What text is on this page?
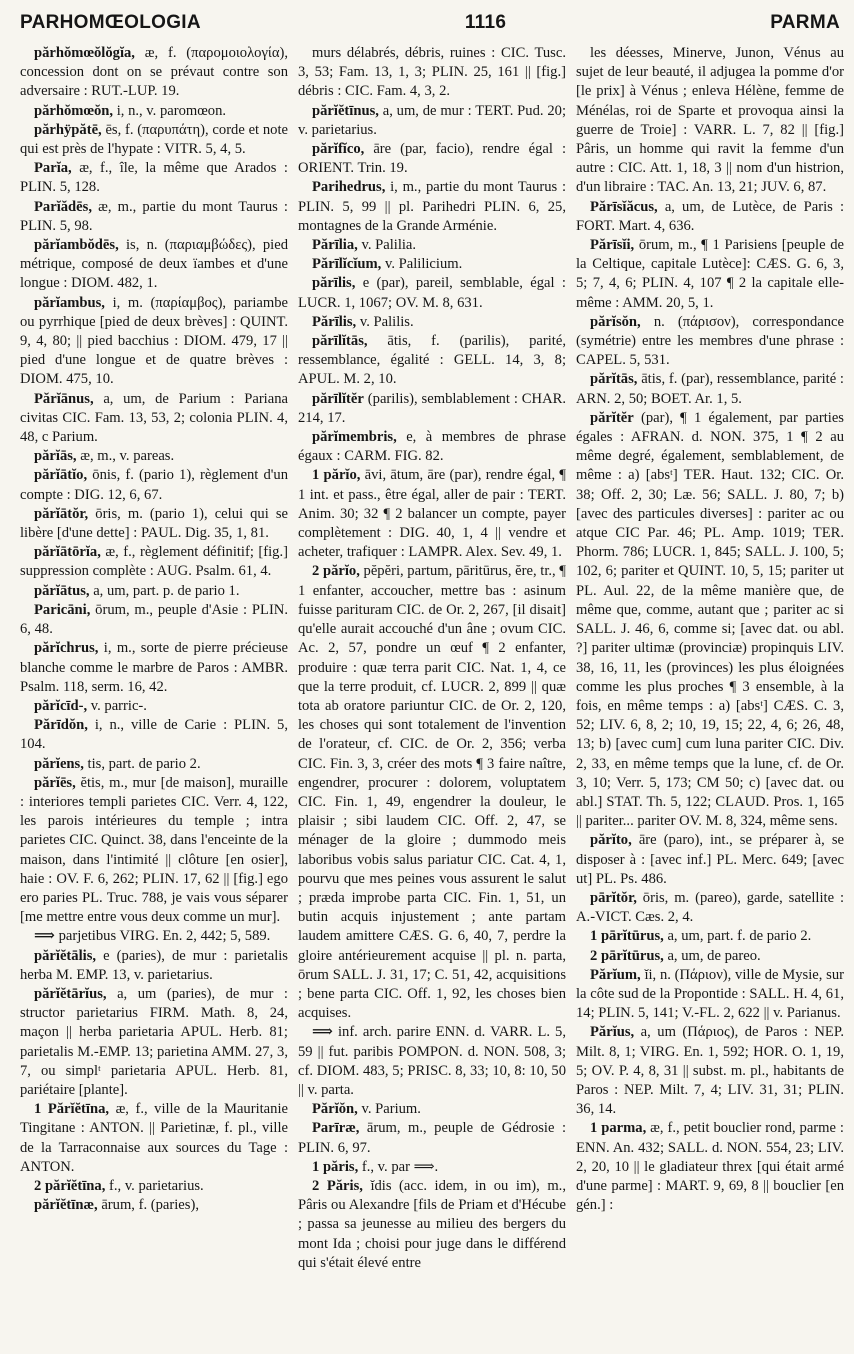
PARHOMŒOLOGIA	1116	PARMA

părhŏmœŏlŏgĭa, æ, f. (παρομοιολογία), concession dont on se prévaut contre son adversaire : RUT.-LUP. 19.

părhŏmœŏn, i, n., v. paromœon.

părhÿpătē, ēs, f. (παρυπάτη), corde et note qui est près de l'hypate : VITR. 5, 4, 5.

Parĭa, æ, f., île, la même que Arados : PLIN. 5, 128.

Parĭădēs, æ, m., partie du mont Taurus : PLIN. 5, 98.

părĭambŏdēs, is, n. (παριαμβώδες), pied métrique, composé de deux ïambes et d'une longue : DIOM. 482, 1.

părĭambus, i, m. (παρίαμβος), pariambe ou pyrrhique [pied de deux brèves] : QUINT. 9, 4, 80; || pied bacchius : DIOM. 479, 17 || pied d'une longue et de quatre brèves : DIOM. 475, 10.

Părĭānus, a, um, de Parium : Pariana civitas CIC. Fam. 13, 53, 2; colonia PLIN. 4, 48, c Parium.

părĭās, æ, m., v. pareas.

părĭātĭo, ōnis, f. (pario 1), règlement d'un compte : DIG. 12, 6, 67.

părĭātŏr, ōris, m. (pario 1), celui qui se libère [d'une dette] : PAUL. Dig. 35, 1, 81.

părĭātōrĭa, æ, f., règlement définitif; [fig.] suppression complète : AUG. Psalm. 61, 4.

părĭātus, a, um, part. p. de pario 1.

Paricāni, ōrum, m., peuple d'Asie : PLIN. 6, 48.

părĭchrus, i, m., sorte de pierre précieuse blanche comme le marbre de Paros : AMBR. Psalm. 118, serm. 16, 42.

părĭcīd-, v. parric-.

Părīdŏn, i, n., ville de Carie : PLIN. 5, 104.

părĭens, tis, part. de pario 2.

părĭēs, ĕtis, m., mur [de maison], muraille : interiores templi parietes CIC. Verr. 4, 122, les parois intérieures du temple ; intra parietes CIC. Quinct. 38, dans l'enceinte de la maison, dans l'intimité || clôture [en osier], haie : OV. F. 6, 262; PLIN. 17, 62 || [fig.] ego ero paries PL. Truc. 788, je vais vous séparer [me mettre entre vous deux comme un mur].

⟹ parjetibus VIRG. En. 2, 442; 5, 589.

părĭĕtālis, e (paries), de mur : parietalis herba M. EMP. 13, v. parietarius.

părĭĕtārĭus, a, um (paries), de mur : structor parietarius FIRM. Math. 8, 24, maçon || herba parietaria APUL. Herb. 81; parietalis M.-EMP. 13; parietina AMM. 27, 3, 7, ou simplᵗ parietaria APUL. Herb. 81, pariétaire [plante].

1 Părĭĕtīna, æ, f., ville de la Mauritanie Tingitane : ANTON. || Parietinæ, f. pl., ville de la Tarraconnaise aux sources du Tage : ANTON.

2 părĭĕtīna, f., v. parietarius.

părĭĕtīnæ, ārum, f. (paries),

murs délabrés, débris, ruines : CIC. Tusc. 3, 53; Fam. 13, 1, 3; PLIN. 25, 161 || [fig.] débris : CIC. Fam. 4, 3, 2.

părĭĕtīnus, a, um, de mur : TERT. Pud. 20; v. parietarius.

părĭfĭco, āre (par, facio), rendre égal : ORIENT. Trin. 19.

Parihedrus, i, m., partie du mont Taurus : PLIN. 5, 99 || pl. Parihedri PLIN. 6, 25, montagnes de la Grande Arménie.

Părīlia, v. Palilia.

Părīlĭcĭum, v. Palilicium.

părīlis, e (par), pareil, semblable, égal : LUCR. 1, 1067; OV. M. 8, 631.

Părīlis, v. Palilis.

părīlĭtās, ātis, f. (parilis), parité, ressemblance, égalité : GELL. 14, 3, 8; APUL. M. 2, 10.

părīlĭtĕr (parilis), semblablement : CHAR. 214, 17.

părĭmembris, e, à membres de phrase égaux : CARM. FIG. 82.

1 părĭo, āvi, ātum, āre (par), rendre égal, ¶ 1 int. et pass., être égal, aller de pair : TERT. Anim. 30; 32 ¶ 2 balancer un compte, payer complètement : DIG. 40, 1, 4 || vendre et acheter, trafiquer : LAMPR. Alex. Sev. 49, 1.

2 părĭo, pĕpĕri, partum, pāritūrus, ĕre, tr., ¶ 1 enfanter, accoucher, mettre bas : asinum fuisse parituram CIC. de Or. 2, 267, [il disait] qu'elle aurait accouché d'un âne ; ovum CIC. Ac. 2, 57, pondre un œuf ¶ 2 enfanter, produire : quæ terra parit CIC. Nat. 1, 4, ce que la terre produit, cf. LUCR. 2, 899 || quæ tota ab oratore pariuntur CIC. de Or. 2, 120, les choses qui sont totalement de l'invention de l'orateur, cf. CIC. de Or. 2, 356; verba CIC. Fin. 3, 3, créer des mots ¶ 3 faire naître, engendrer, procurer : dolorem, voluptatem CIC. Fin. 1, 49, engendrer la douleur, le plaisir ; sibi laudem CIC. Off. 2, 47, se ménager de la gloire ; dummodo meis laboribus vobis salus pariatur CIC. Cat. 4, 1, pourvu que mes peines vous assurent le salut ; præda improbe parta CIC. Fin. 1, 51, un butin acquis injustement ; ante partam laudem amittere CÆS. G. 6, 40, 7, perdre la gloire antérieurement acquise || pl. n. parta, ōrum SALL. J. 31, 17; C. 51, 42, acquisitions ; bene parta CIC. Off. 1, 92, les choses bien acquises.

⟹ inf. arch. parire ENN. d. VARR. L. 5, 59 || fut. paribis POMPON. d. NON. 508, 3; cf. DIOM. 483, 5; PRISC. 8, 33; 10, 8: 10, 50 || v. parta.

Părĭŏn, v. Parium.

Parīræ, ārum, m., peuple de Gédrosie : PLIN. 6, 97.

1 păris, f., v. par ⟹.

2 Păris, ĭdis (acc. idem, in ou im), m., Pâris ou Alexandre [fils de Priam et d'Hécube ; passa sa jeunesse au milieu des bergers du mont Ida ; choisi pour juge dans le différend qui s'était élevé entre

les déesses, Minerve, Junon, Vénus au sujet de leur beauté, il adjugea la pomme d'or [le prix] à Vénus ; enleva Hélène, femme de Ménélas, roi de Sparte et provoqua ainsi la guerre de Troie] : VARR. L. 7, 82 || [fig.] Pâris, un homme qui ravit la femme d'un autre : CIC. Att. 1, 18, 3 || nom d'un histrion, d'un libraire : TAC. An. 13, 21; JUV. 6, 87.

Părīsĭăcus, a, um, de Lutèce, de Paris : FORT. Mart. 4, 636.

Părīsĭi, ōrum, m., ¶ 1 Parisiens [peuple de la Celtique, capitale Lutèce]: CÆS. G. 6, 3, 5; 7, 4, 6; PLIN. 4, 107 ¶ 2 la capitale elle-même : AMM. 20, 5, 1.

părĭsŏn, n. (πάρισον), correspondance (symétrie) entre les membres d'une phrase : CAPEL. 5, 531.

părĭtās, ātis, f. (par), ressemblance, parité : ARN. 2, 50; BOET. Ar. 1, 5.

părĭtĕr (par), ¶ 1 également, par parties égales : AFRAN. d. NON. 375, 1 ¶ 2 au même degré, également, semblablement, de même : a) [absᵗ] TER. Haut. 132; CIC. Or. 38; Off. 2, 30; Læ. 56; SALL. J. 80, 7; b) [avec des particules diverses] : pariter ac ou atque CIC Par. 46; PL. Amp. 1019; TER. Phorm. 786; LUCR. 1, 845; SALL. J. 100, 5; 102, 6; pariter et QUINT. 10, 5, 15; pariter ut PL. Aul. 22, de la même manière que, de même que, comme, autant que ; pariter ac si SALL. J. 46, 6, comme si; [avec dat. ou abl. ?] pariter ultimæ (provinciæ) propinquis LIV. 38, 16, 11, les (provinces) les plus éloignées comme les plus proches ¶ 3 ensemble, à la fois, en même temps : a) [absᵗ] CÆS. C. 3, 52; LIV. 6, 8, 2; 10, 19, 15; 22, 4, 6; 26, 48, 13; b) [avec cum] cum luna pariter CIC. Div. 2, 33, en même temps que la lune, cf. de Or. 3, 10; Verr. 5, 173; CM 50; c) [avec dat. ou abl.] STAT. Th. 5, 122; CLAUD. Pros. 1, 165 || pariter... pariter OV. M. 8, 324, même sens.

părĭto, āre (paro), int., se préparer à, se disposer à : [avec inf.] PL. Merc. 649; [avec ut] PL. Ps. 486.

pārĭtŏr, ōris, m. (pareo), garde, satellite : A.-VICT. Cæs. 2, 4.

1 pārĭtūrus, a, um, part. f. de pario 2.

2 pārĭtūrus, a, um, de pareo.

Părĭum, ĭi, n. (Πάριον), ville de Mysie, sur la côte sud de la Propontide : SALL. H. 4, 61, 14; PLIN. 5, 141; V.-FL. 2, 622 || v. Parianus.

Părĭus, a, um (Πάριος), de Paros : NEP. Milt. 8, 1; VIRG. En. 1, 592; HOR. O. 1, 19, 5; OV. P. 4, 8, 31 || subst. m. pl., habitants de Paros : NEP. Milt. 7, 4; LIV. 31, 31; PLIN. 36, 14.

1 parma, æ, f., petit bouclier rond, parme : ENN. An. 432; SALL. d. NON. 554, 23; LIV. 2, 20, 10 || le gladiateur threx [qui était armé d'une parme] : MART. 9, 69, 8 || bouclier [en gén.] :
